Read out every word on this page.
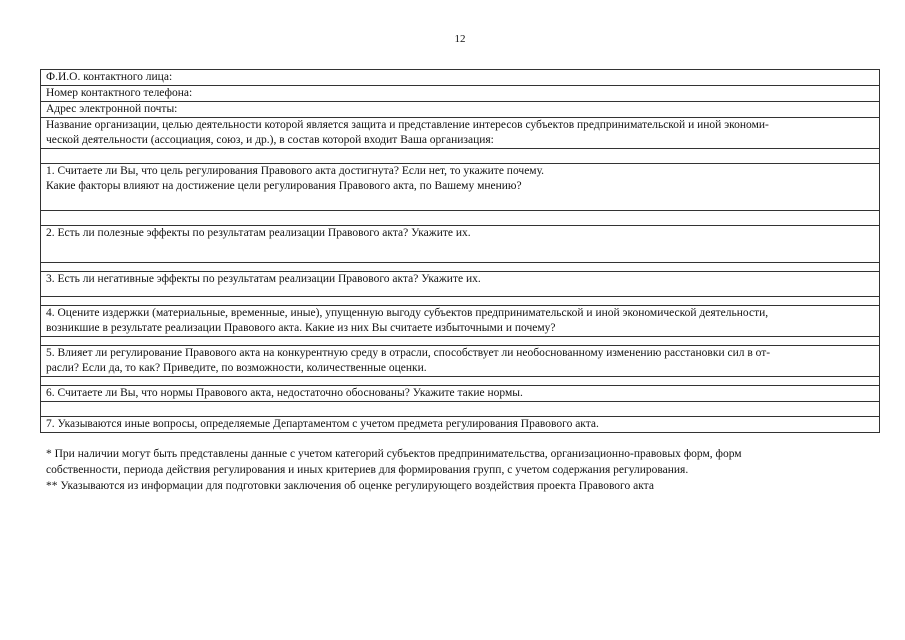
12
Ф.И.О. контактного лица:
Номер контактного телефона:
Адрес электронной почты:

Название организации, целью деятельности которой является защита и представление интересов субъектов предпринимательской и иной экономи-
ческой деятельности (ассоциация, союз, и др.), в состав которой входит Ваша организация:

1. Считаете ли Вы, что цель регулирования Правового акта достигнута? Если нет, то укажите почему.
Какие факторы влияют на достижение цели регулирования Правового акта, по Вашему мнению?

2. Есть ли полезные эффекты по результатам реализации Правового акта? Укажите их.

3. Есть ли негативные эффекты по результатам реализации Правового акта? Укажите их.

4. Оцените издержки (материальные, временные, иные), упущенную выгоду субъектов предпринимательской и иной экономической деятельности,
возникшие в результате реализации Правового акта. Какие из них Вы считаете избыточными и почему?

5. Влияет ли регулирование Правового акта на конкурентную среду в отрасли, способствует ли необоснованному изменению расстановки сил в от-
расли? Если да, то как? Приведите, по возможности, количественные оценки.

6. Считаете ли Вы, что нормы Правового акта, недостаточно обоснованы? Укажите такие нормы.

7. Указываются иные вопросы, определяемые Департаментом с учетом предмета регулирования Правового акта.
* При наличии могут быть представлены данные с учетом категорий субъектов предпринимательства, организационно-правовых форм, форм
собственности, периода действия регулирования и иных критериев для формирования групп, с учетом содержания регулирования.
** Указываются из информации для подготовки заключения об оценке регулирующего воздействия проекта Правового акта
